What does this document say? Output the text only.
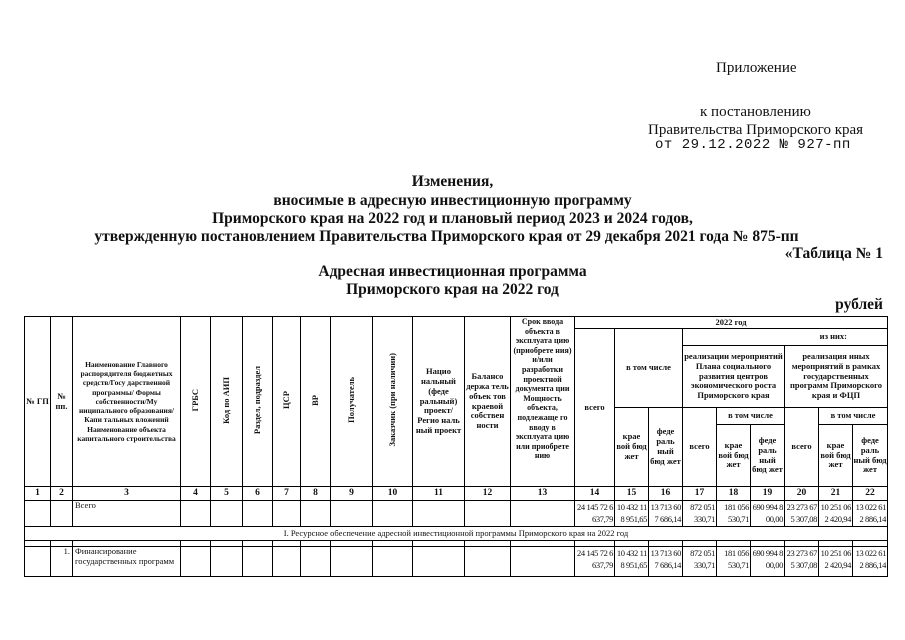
Приложение
к постановлению
Правительства Приморского края
от 29.12.2022 № 927-пп
Изменения,
вносимые в адресную инвестиционную программу
Приморского края на 2022 год и плановый период 2023 и 2024 годов,
утвержденную постановлением Правительства Приморского края от 29 декабря 2021 года № 875-пп
«Таблица № 1
Адресная инвестиционная программа
Приморского края на 2022 год
рублей
№ ГП	№ пп.	Наименование Главного распорядителя бюджетных средств/Госу дарственной программы/ Формы собственности/Му ниципального образования/Капи тальных вложений Наименование объекта капитального строительства	ГРБС	Код по АИП	Раздел, подраздел	ЦСР	ВР	Получатель	Заказчик (при наличии)	Нацио нальный (феде ральный) проект/ Регио наль ный проект	Балансо держа тель объек тов краевой собствен ности	Срок ввода объекта в эксплуата цию (приобрете ния) и/или разработки проектной документа ции Мощность объекта, подлежаще го вводу в эксплуата цию или приобрете нию	2022 год								
													всего	в том числе		из них:					
																реализации мероприятий Плана социального развития центров экономического роста Приморского края			реализация иных мероприятий в рамках государственных программ Приморского края и ФЦП		
														крае вой бюд жет	феде раль ный бюд жет	всего	в том числе		всего	в том числе	
																	крае вой бюд жет	феде раль ный бюд жет		крае вой бюд жет	феде раль ный бюд жет
1	2	3	4	5	6	7	8	9	10	11	12	13	14	15	16	17	18	19	20	21	22
		Всего											24 145 72 6 637,79	10 432 11 8 951,65	13 713 60 7 686,14	872 051 330,71	181 056 530,71	690 994 8 00,00	23 273 67 5 307,08	10 251 06 2 420,94	13 022 61 2 886,14
I. Ресурсное обеспечение адресной инвестиционной программы Приморского края на 2022 год																					

	1.	Финансирование государственных программ											24 145 72 6 637,79	10 432 11 8 951,65	13 713 60 7 686,14	872 051 330,71	181 056 530,71	690 994 8 00,00	23 273 67 5 307,08	10 251 06 2 420,94	13 022 61 2 886,14
